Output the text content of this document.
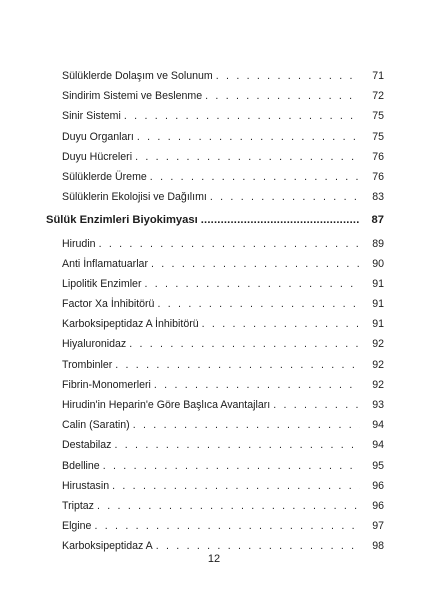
Sülüklerde Dolaşım ve Solunum . . .	71
Sindirim Sistemi ve Beslenme . . .	72
Sinir Sistemi . . .	75
Duyu Organları . . .	75
Duyu Hücreleri . . .	76
Sülüklerde Üreme . . .	76
Sülüklerin Ekolojisi ve Dağılımı . . .	83
Sülük Enzimleri Biyokimyası .....	87
Hirudin . . .	89
Anti İnflamatuarlar . . .	90
Lipolitik Enzimler . . .	91
Factor Xa İnhibitörü . . .	91
Karboksipeptidaz A İnhibitörü . . .	91
Hiyaluronidaz . . .	92
Trombinler . . .	92
Fibrin-Monomerleri . . .	92
Hirudin'in Heparin'e Göre Başlıca Avantajları . . .	93
Calin (Saratin) . . .	94
Destabilaz . . .	94
Bdelline . . .	95
Hirustasin . . .	96
Triptaz . . .	96
Elgine . . .	97
Karboksipeptidaz A . . .	98
12
